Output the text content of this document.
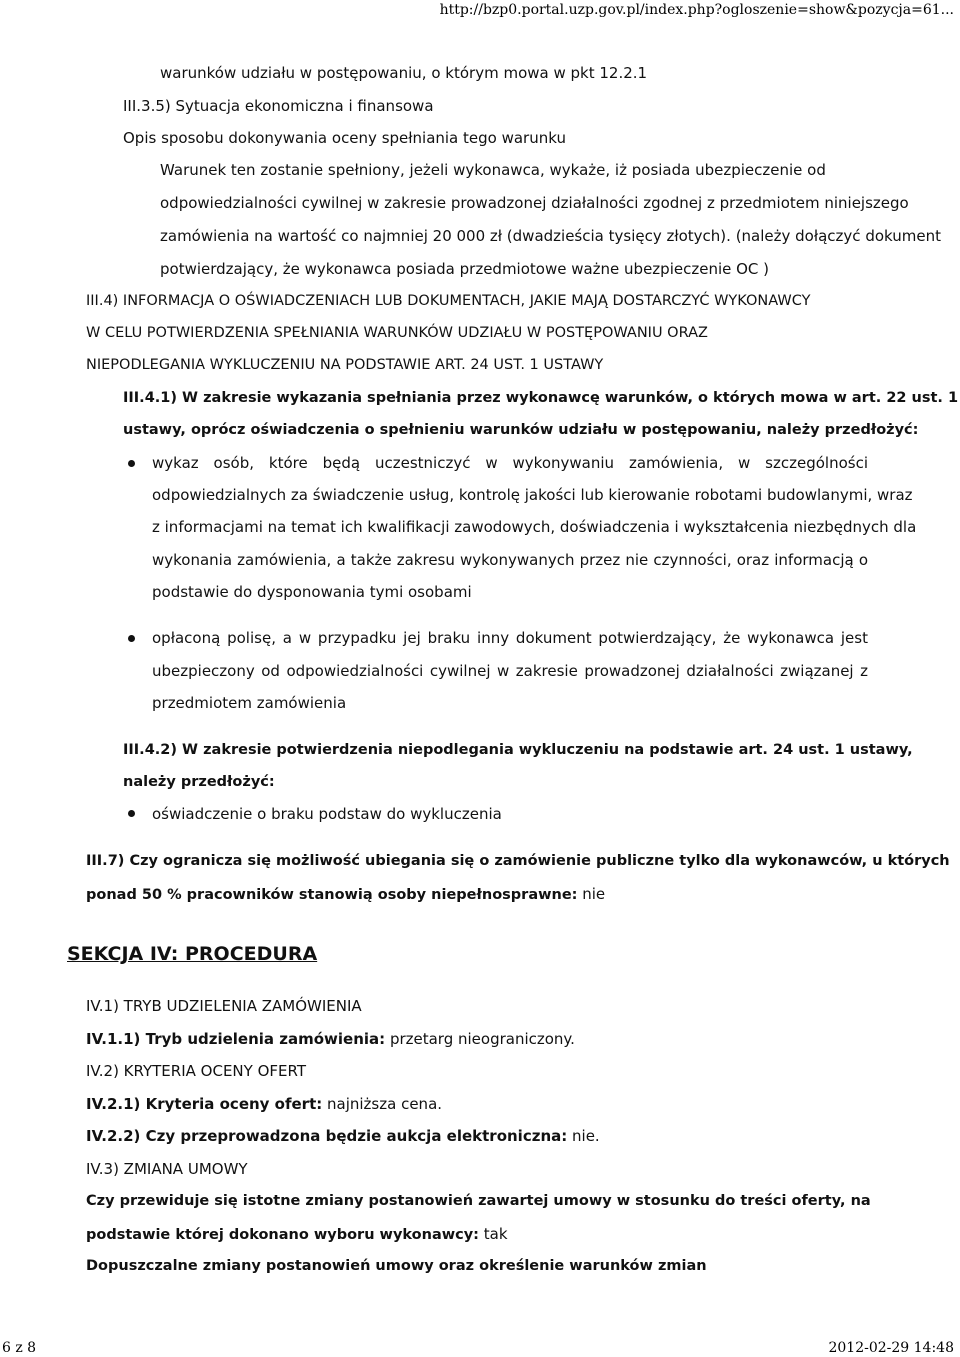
http://bzp0.portal.uzp.gov.pl/index.php?ogloszenie=show&pozycja=61...
warunków udziału w postępowaniu, o którym mowa w pkt 12.2.1
III.3.5) Sytuacja ekonomiczna i finansowa
Opis sposobu dokonywania oceny spełniania tego warunku
Warunek ten zostanie spełniony, jeżeli wykonawca, wykaże, iż posiada ubezpieczenie od
odpowiedzialności cywilnej w zakresie prowadzonej działalności zgodnej z przedmiotem niniejszego
zamówienia na wartość co najmniej 20 000 zł (dwadzieścia tysięcy złotych). (należy dołączyć dokument
potwierdzający, że wykonawca posiada przedmiotowe ważne ubezpieczenie OC )
III.4) INFORMACJA O OŚWIADCZENIACH LUB DOKUMENTACH, JAKIE MAJĄ DOSTARCZYĆ WYKONAWCY
W CELU POTWIERDZENIA SPEŁNIANIA WARUNKÓW UDZIAŁU W POSTĘPOWANIU ORAZ
NIEPODLEGANIA WYKLUCZENIU NA PODSTAWIE ART. 24 UST. 1 USTAWY
III.4.1) W zakresie wykazania spełniania przez wykonawcę warunków, o których mowa w art. 22 ust. 1
ustawy, oprócz oświadczenia o spełnieniu warunków udziału w postępowaniu, należy przedłożyć:
wykaz osób, które będą uczestniczyć w wykonywaniu zamówienia, w szczególności
odpowiedzialnych za świadczenie usług, kontrolę jakości lub kierowanie robotami budowlanymi, wraz
z informacjami na temat ich kwalifikacji zawodowych, doświadczenia i wykształcenia niezbędnych dla
wykonania zamówienia, a także zakresu wykonywanych przez nie czynności, oraz informacją o
podstawie do dysponowania tymi osobami
opłaconą polisę, a w przypadku jej braku inny dokument potwierdzający, że wykonawca jest
ubezpieczony od odpowiedzialności cywilnej w zakresie prowadzonej działalności związanej z
przedmiotem zamówienia
III.4.2) W zakresie potwierdzenia niepodlegania wykluczeniu na podstawie art. 24 ust. 1 ustawy,
należy przedłożyć:
oświadczenie o braku podstaw do wykluczenia
III.7) Czy ogranicza się możliwość ubiegania się o zamówienie publiczne tylko dla wykonawców, u których
ponad 50 % pracowników stanowią osoby niepełnosprawne: nie
SEKCJA IV: PROCEDURA
IV.1) TRYB UDZIELENIA ZAMÓWIENIA
IV.1.1) Tryb udzielenia zamówienia: przetarg nieograniczony.
IV.2) KRYTERIA OCENY OFERT
IV.2.1) Kryteria oceny ofert: najniższa cena.
IV.2.2) Czy przeprowadzona będzie aukcja elektroniczna: nie.
IV.3) ZMIANA UMOWY
Czy przewiduje się istotne zmiany postanowień zawartej umowy w stosunku do treści oferty, na
podstawie której dokonano wyboru wykonawcy: tak
Dopuszczalne zmiany postanowień umowy oraz określenie warunków zmian
6 z 8	2012-02-29 14:48
